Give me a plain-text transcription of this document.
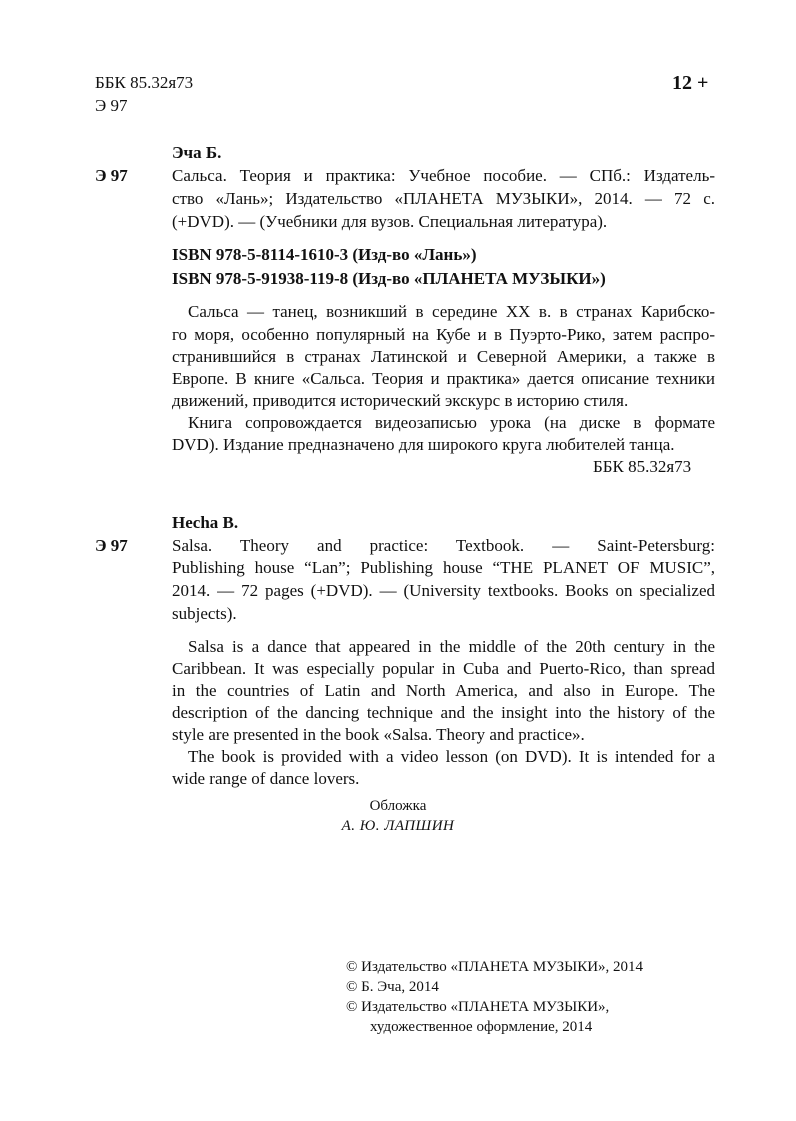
ББК 85.32я73
Э 97
12 +
Эча Б.
Э 97	Сальса. Теория и практика: Учебное пособие. — СПб.: Издатель-
ство «Лань»; Издательство «ПЛАНЕТА МУЗЫКИ», 2014. — 72 с.
(+DVD). — (Учебники для вузов. Специальная литература).
ISBN 978-5-8114-1610-3 (Изд-во «Лань»)
ISBN 978-5-91938-119-8 (Изд-во «ПЛАНЕТА МУЗЫКИ»)
Сальса — танец, возникший в середине XX в. в странах Карибско-
го моря, особенно популярный на Кубе и в Пуэрто-Рико, затем распро-
странившийся в странах Латинской и Северной Америки, а также в
Европе. В книге «Сальса. Теория и практика» дается описание техники
движений, приводится исторический экскурс в историю стиля.
Книга сопровождается видеозаписью урока (на диске в формате
DVD). Издание предназначено для широкого круга любителей танца.
ББК 85.32я73
Hecha B.
Э 97	Salsa. Theory and practice: Textbook. — Saint-Petersburg:
Publishing house “Lan”; Publishing house “THE PLANET OF MUSIC”,
2014. — 72 pages (+DVD). — (University textbooks. Books on specialized
subjects).
Salsa is a dance that appeared in the middle of the 20th century in the
Caribbean. It was especially popular in Cuba and Puerto-Rico, than spread
in the countries of Latin and North America, and also in Europe. The
description of the dancing technique and the insight into the history of the
style are presented in the book «Salsa. Theory and practice».
The book is provided with a video lesson (on DVD). It is intended for a
wide range of dance lovers.
Обложка
А. Ю. ЛАПШИН
© Издательство «ПЛАНЕТА МУЗЫКИ», 2014
© Б. Эча, 2014
© Издательство «ПЛАНЕТА МУЗЫКИ»,
художественное оформление, 2014
